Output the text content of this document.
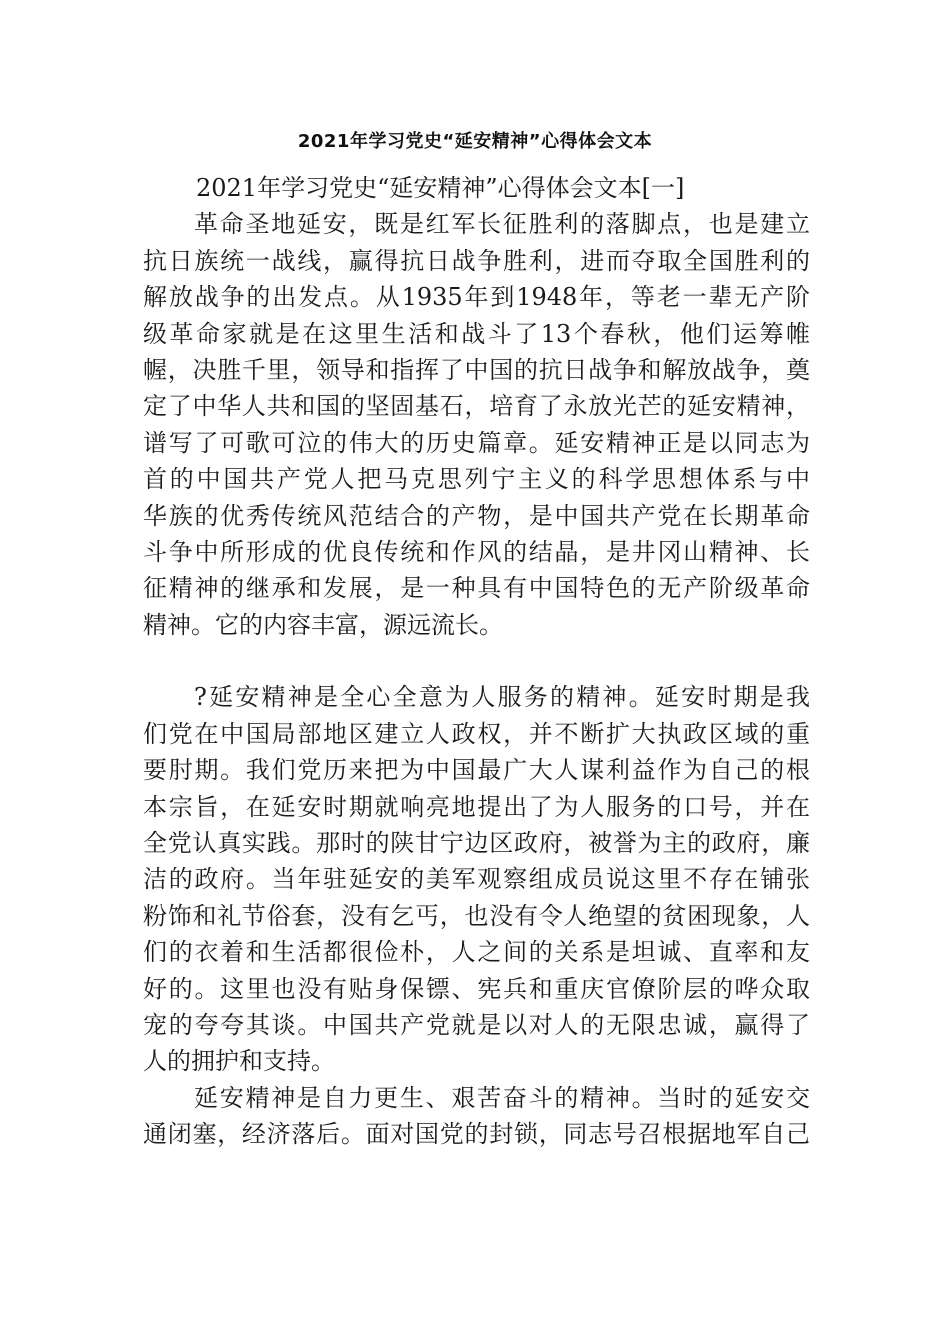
2021年学习党史“延安精神”心得体会文本
2021年学习党史“延安精神”心得体会文本[一]
革命圣地延安，既是红军长征胜利的落脚点，也是建立
抗日族统一战线，赢得抗日战争胜利，进而夺取全国胜利的
解放战争的出发点。从1935年到1948年，等老一辈无产阶
级革命家就是在这里生活和战斗了13个春秋，他们运筹帷
幄，决胜千里，领导和指挥了中国的抗日战争和解放战争，奠
定了中华人共和国的坚固基石，培育了永放光芒的延安精神，
谱写了可歌可泣的伟大的历史篇章。延安精神正是以同志为
首的中国共产党人把马克思列宁主义的科学思想体系与中
华族的优秀传统风范结合的产物，是中国共产党在长期革命
斗争中所形成的优良传统和作风的结晶，是井冈山精神、长
征精神的继承和发展，是一种具有中国特色的无产阶级革命
精神。它的内容丰富，源远流长。
?延安精神是全心全意为人服务的精神。延安时期是我
们党在中国局部地区建立人政权，并不断扩大执政区域的重
要肘期。我们党历来把为中国最广大人谋利益作为自己的根
本宗旨，在延安时期就响亮地提出了为人服务的口号，并在
全党认真实践。那时的陕甘宁边区政府，被誉为主的政府，廉
洁的政府。当年驻延安的美军观察组成员说这里不存在铺张
粉饰和礼节俗套，没有乞丐，也没有令人绝望的贫困现象，人
们的衣着和生活都很俭朴，人之间的关系是坦诚、直率和友
好的。这里也没有贴身保镖、宪兵和重庆官僚阶层的哗众取
宠的夸夸其谈。中国共产党就是以对人的无限忠诚，赢得了
人的拥护和支持。
延安精神是自力更生、艰苦奋斗的精神。当时的延安交
通闭塞，经济落后。面对国党的封锁，同志号召根据地军自己
